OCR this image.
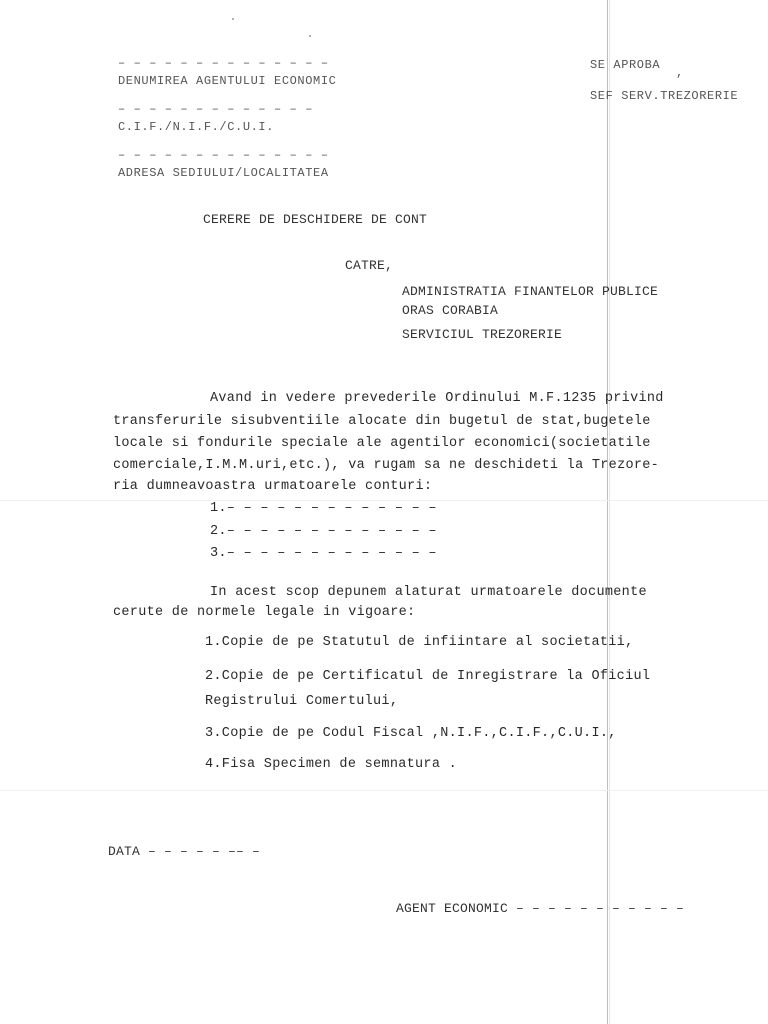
– – – – – – – – – – – – – –
DENUMIREA AGENTULUI ECONOMIC
– – – – – – – – – – – – –
C.I.F./N.I.F./C.U.I.
– – – – – – – – – – – – – –
ADRESA SEDIULUI/LOCALITATEA
SE APROBA
,
SEF SERV.TREZORERIE
CERERE DE DESCHIDERE DE CONT
CATRE,
ADMINISTRATIA FINANTELOR PUBLICE
ORAS CORABIA
SERVICIUL TREZORERIE
Avand in vedere prevederile Ordinului M.F.1235 privind
transferurile sisubventiile alocate din bugetul de stat,bugetele
locale si fondurile speciale ale agentilor economici(societatile
comerciale,I.M.M.uri,etc.), va rugam sa ne deschideti la Trezore-
ria dumneavoastra urmatoarele conturi:
1.– – – – – – – – – – – – –
2.– – – – – – – – – – – – –
3.– – – – – – – – – – – – –
In acest scop depunem alaturat urmatoarele documente
cerute de normele legale in vigoare:
1.Copie de pe Statutul de infiintare al societatii,
2.Copie de pe Certificatul de Inregistrare la Oficiul
Registrului Comertului,
3.Copie de pe Codul Fiscal ,N.I.F.,C.I.F.,C.U.I.,
4.Fisa Specimen de semnatura .
DATA – – – – – –– –
AGENT ECONOMIC – – – – – – – – – – –
